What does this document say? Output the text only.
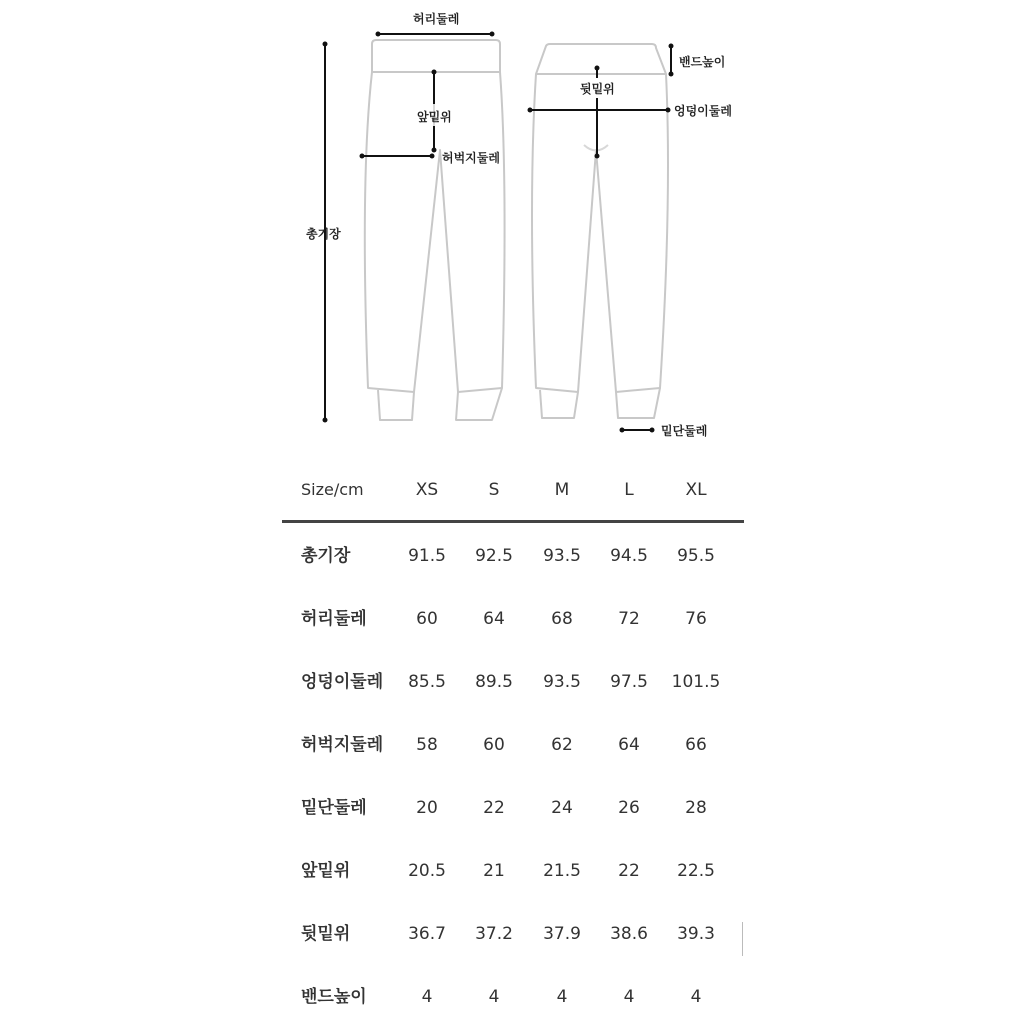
허리둘레
앞밑위
허벅지둘레
총기장
밴드높이
뒷밑위
엉덩이둘레
밑단둘레
Size/cm	XS	S	M	L	XL
총기장	91.5	92.5	93.5	94.5	95.5
허리둘레	60	64	68	72	76
엉덩이둘레	85.5	89.5	93.5	97.5	101.5
허벅지둘레	58	60	62	64	66
밑단둘레	20	22	24	26	28
앞밑위	20.5	21	21.5	22	22.5
뒷밑위	36.7	37.2	37.9	38.6	39.3
밴드높이	4	4	4	4	4
